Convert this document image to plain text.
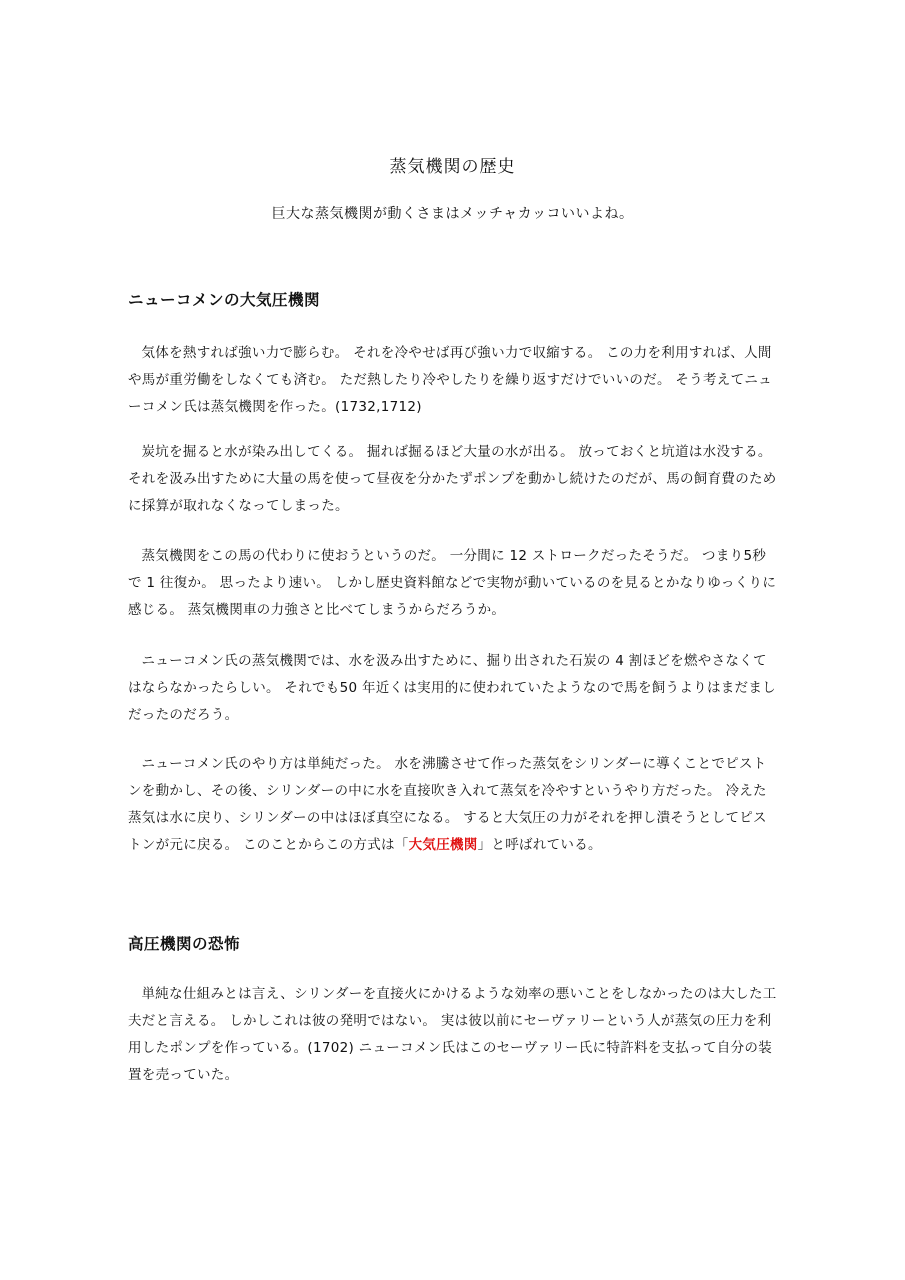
蒸気機関の歴史

巨大な蒸気機関が動くさまはメッチャカッコいいよね。

ニューコメンの大気圧機関

気体を熱すれば強い力で膨らむ。 それを冷やせば再び強い力で収縮する。 この力を利用すれば、人間や馬が重労働をしなくても済む。 ただ熱したり冷やしたりを繰り返すだけでいいのだ。 そう考えてニューコメン氏は蒸気機関を作った。(1732,1712)

炭坑を掘ると水が染み出してくる。 掘れば掘るほど大量の水が出る。 放っておくと坑道は水没する。それを汲み出すために大量の馬を使って昼夜を分かたずポンプを動かし続けたのだが、馬の飼育費のために採算が取れなくなってしまった。

蒸気機関をこの馬の代わりに使おうというのだ。 一分間に 12 ストロークだったそうだ。 つまり5秒で 1 往復か。 思ったより速い。 しかし歴史資料館などで実物が動いているのを見るとかなりゆっくりに感じる。 蒸気機関車の力強さと比べてしまうからだろうか。

ニューコメン氏の蒸気機関では、水を汲み出すために、掘り出された石炭の 4 割ほどを燃やさなくてはならなかったらしい。 それでも50 年近くは実用的に使われていたようなので馬を飼うよりはまだましだったのだろう。

ニューコメン氏のやり方は単純だった。 水を沸騰させて作った蒸気をシリンダーに導くことでピストンを動かし、その後、シリンダーの中に水を直接吹き入れて蒸気を冷やすというやり方だった。 冷えた蒸気は水に戻り、シリンダーの中はほぼ真空になる。 すると大気圧の力がそれを押し潰そうとしてピストンが元に戻る。 このことからこの方式は「大気圧機関」と呼ばれている。

高圧機関の恐怖

単純な仕組みとは言え、シリンダーを直接火にかけるような効率の悪いことをしなかったのは大した工夫だと言える。 しかしこれは彼の発明ではない。 実は彼以前にセーヴァリーという人が蒸気の圧力を利用したポンプを作っている。(1702) ニューコメン氏はこのセーヴァリー氏に特許料を支払って自分の装置を売っていた。
